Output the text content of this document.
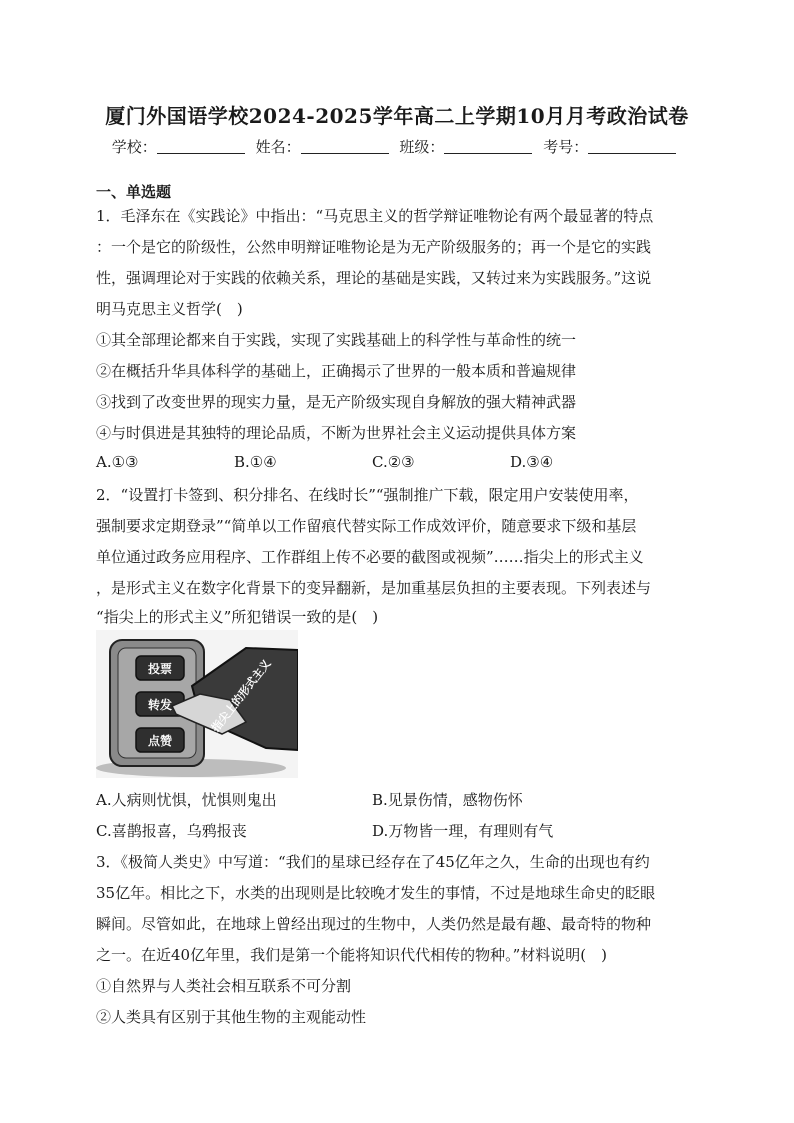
厦门外国语学校2024-2025学年高二上学期10月月考政治试卷
学校：	姓名：	班级：	考号：
一、单选题
1．毛泽东在《实践论》中指出：“马克思主义的哲学辩证唯物论有两个最显著的特点
：一个是它的阶级性，公然申明辩证唯物论是为无产阶级服务的；再一个是它的实践
性，强调理论对于实践的依赖关系，理论的基础是实践，又转过来为实践服务。”这说
明马克思主义哲学(　)
①其全部理论都来自于实践，实现了实践基础上的科学性与革命性的统一
②在概括升华具体科学的基础上，正确揭示了世界的一般本质和普遍规律
③找到了改变世界的现实力量，是无产阶级实现自身解放的强大精神武器
④与时俱进是其独特的理论品质，不断为世界社会主义运动提供具体方案
A.①③	B.①④	C.②③	D.③④
2．“设置打卡签到、积分排名、在线时长”“强制推广下载，限定用户安装使用率，
强制要求定期登录”“简单以工作留痕代替实际工作成效评价，随意要求下级和基层
单位通过政务应用程序、工作群组上传不必要的截图或视频”……指尖上的形式主义
，是形式主义在数字化背景下的变异翻新，是加重基层负担的主要表现。下列表述与
“指尖上的形式主义”所犯错误一致的是(　)
投票
转发
点赞
指尖上的形式主义
A.人病则忧惧，忧惧则鬼出	B.见景伤情，感物伤怀
C.喜鹊报喜，乌鸦报丧	D.万物皆一理，有理则有气
3．《极简人类史》中写道：“我们的星球已经存在了45亿年之久，生命的出现也有约
35亿年。相比之下，水类的出现则是比较晚才发生的事情，不过是地球生命史的眨眼
瞬间。尽管如此，在地球上曾经出现过的生物中，人类仍然是最有趣、最奇特的物种
之一。在近40亿年里，我们是第一个能将知识代代相传的物种。”材料说明(　)
①自然界与人类社会相互联系不可分割
②人类具有区别于其他生物的主观能动性
